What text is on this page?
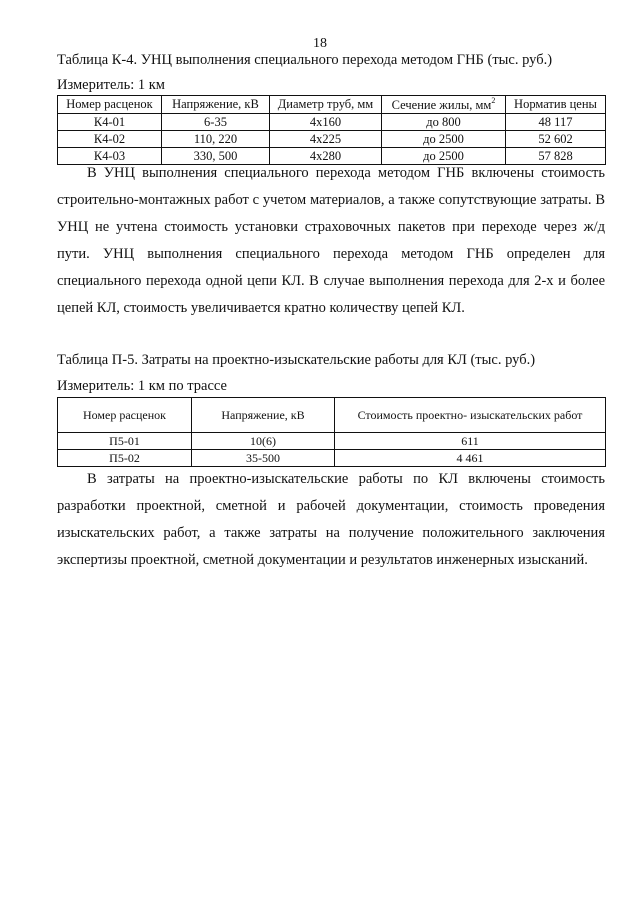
18
Таблица К-4. УНЦ выполнения специального перехода методом ГНБ (тыс. руб.)
Измеритель: 1 км
Номер расценок	Напряжение, кВ	Диаметр труб, мм	Сечение жилы, $мм^2$	Норматив цены
К4-01	6-35	4х160	до 800	48 117
К4-02	110, 220	4х225	до 2500	52 602
К4-03	330, 500	4х280	до 2500	57 828

В УНЦ выполнения специального перехода методом ГНБ включены стоимость строительно-монтажных работ с учетом материалов, а также сопутствующие затраты. В УНЦ не учтена стоимость установки страховочных пакетов при переходе через ж/д пути. УНЦ выполнения специального перехода методом ГНБ определен для специального перехода одной цепи КЛ. В случае выполнения перехода для 2-х и более цепей КЛ, стоимость увеличивается кратно количеству цепей КЛ.

Таблица П-5. Затраты на проектно-изыскательские работы для КЛ (тыс. руб.)
Измеритель: 1 км по трассе
Номер расценок	Напряжение, кВ	Стоимость проектно- изыскательских работ
П5-01	10(6)	611
П5-02	35-500	4 461

В затраты на проектно-изыскательские работы по КЛ включены стоимость разработки проектной, сметной и рабочей документации, стоимость проведения изыскательских работ, а также затраты на получение положительного заключения экспертизы проектной, сметной документации и результатов инженерных изысканий.
